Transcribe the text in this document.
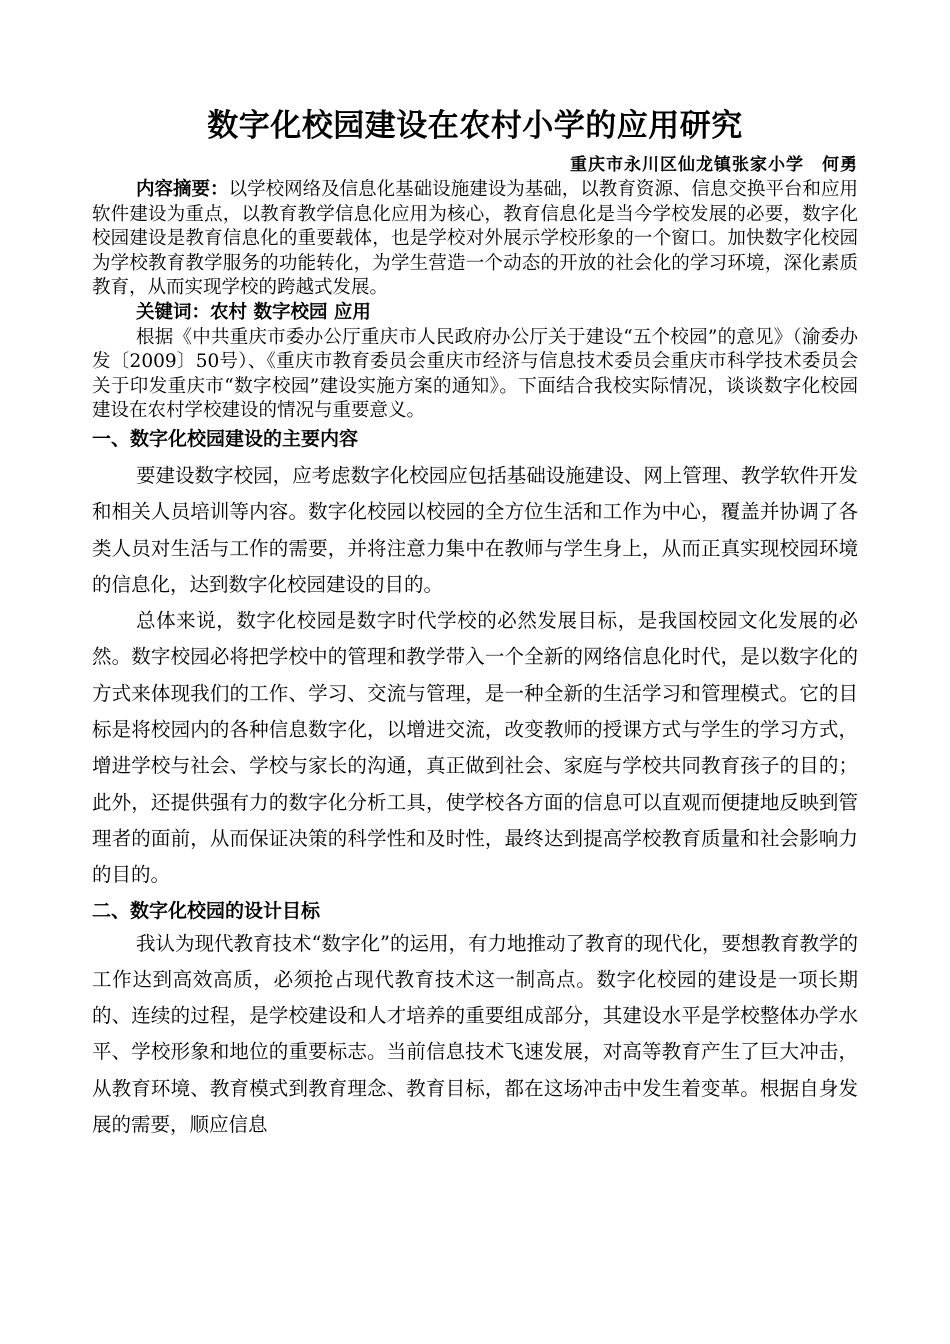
数字化校园建设在农村小学的应用研究

重庆市永川区仙龙镇张家小学　何勇

内容摘要：以学校网络及信息化基础设施建设为基础，以教育资源、信息交换平台和应用软件建设为重点，以教育教学信息化应用为核心，教育信息化是当今学校发展的必要，数字化校园建设是教育信息化的重要载体，也是学校对外展示学校形象的一个窗口。加快数字化校园为学校教育教学服务的功能转化，为学生营造一个动态的开放的社会化的学习环境，深化素质教育，从而实现学校的跨越式发展。

关键词：农村 数字校园 应用

根据《中共重庆市委办公厅重庆市人民政府办公厅关于建设“五个校园”的意见》（渝委办发〔2009〕50号）、《重庆市教育委员会重庆市经济与信息技术委员会重庆市科学技术委员会关于印发重庆市“数字校园”建设实施方案的通知》。下面结合我校实际情况，谈谈数字化校园建设在农村学校建设的情况与重要意义。

一、数字化校园建设的主要内容

要建设数字校园，应考虑数字化校园应包括基础设施建设、网上管理、教学软件开发和相关人员培训等内容。数字化校园以校园的全方位生活和工作为中心，覆盖并协调了各类人员对生活与工作的需要，并将注意力集中在教师与学生身上，从而正真实现校园环境的信息化，达到数字化校园建设的目的。

总体来说，数字化校园是数字时代学校的必然发展目标，是我国校园文化发展的必然。数字校园必将把学校中的管理和教学带入一个全新的网络信息化时代，是以数字化的方式来体现我们的工作、学习、交流与管理，是一种全新的生活学习和管理模式。它的目标是将校园内的各种信息数字化，以增进交流，改变教师的授课方式与学生的学习方式，增进学校与社会、学校与家长的沟通，真正做到社会、家庭与学校共同教育孩子的目的；此外，还提供强有力的数字化分析工具，使学校各方面的信息可以直观而便捷地反映到管理者的面前，从而保证决策的科学性和及时性，最终达到提高学校教育质量和社会影响力的目的。

二、数字化校园的设计目标

我认为现代教育技术“数字化”的运用，有力地推动了教育的现代化，要想教育教学的工作达到高效高质，必须抢占现代教育技术这一制高点。数字化校园的建设是一项长期的、连续的过程，是学校建设和人才培养的重要组成部分，其建设水平是学校整体办学水平、学校形象和地位的重要标志。当前信息技术飞速发展，对高等教育产生了巨大冲击，从教育环境、教育模式到教育理念、教育目标，都在这场冲击中发生着变革。根据自身发展的需要，顺应信息
